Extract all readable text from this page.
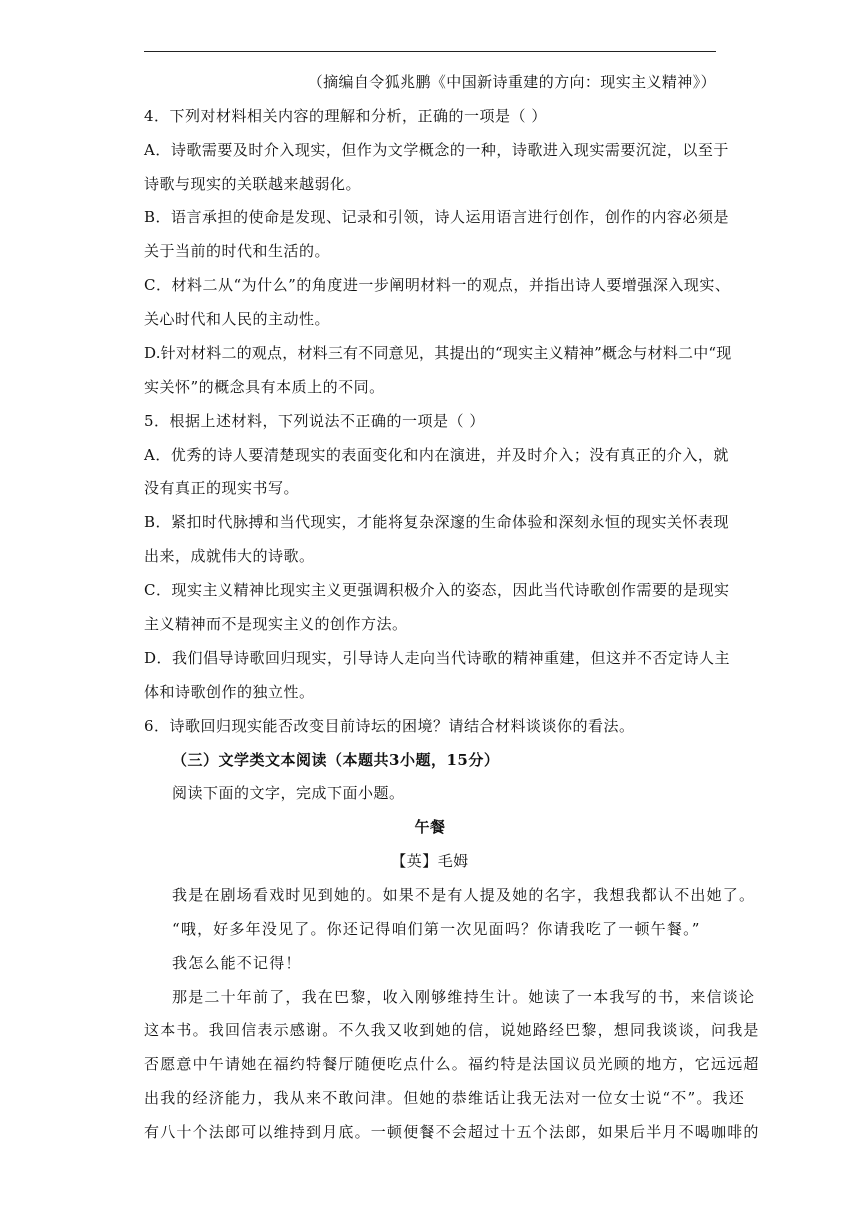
（摘编自令狐兆鹏《中国新诗重建的方向：现实主义精神》）
4．下列对材料相关内容的理解和分析，正确的一项是（ ）
A．诗歌需要及时介入现实，但作为文学概念的一种，诗歌进入现实需要沉淀，以至于
诗歌与现实的关联越来越弱化。
B．语言承担的使命是发现、记录和引领，诗人运用语言进行创作，创作的内容必须是
关于当前的时代和生活的。
C．材料二从“为什么”的角度进一步阐明材料一的观点，并指出诗人要增强深入现实、
关心时代和人民的主动性。
D.针对材料二的观点，材料三有不同意见，其提出的“现实主义精神”概念与材料二中“现
实关怀”的概念具有本质上的不同。
5．根据上述材料，下列说法不正确的一项是（ ）
A．优秀的诗人要清楚现实的表面变化和内在演进，并及时介入；没有真正的介入，就
没有真正的现实书写。
B．紧扣时代脉搏和当代现实，才能将复杂深邃的生命体验和深刻永恒的现实关怀表现
出来，成就伟大的诗歌。
C．现实主义精神比现实主义更强调积极介入的姿态，因此当代诗歌创作需要的是现实
主义精神而不是现实主义的创作方法。
D．我们倡导诗歌回归现实，引导诗人走向当代诗歌的精神重建，但这并不否定诗人主
体和诗歌创作的独立性。
6．诗歌回归现实能否改变目前诗坛的困境？请结合材料谈谈你的看法。
（三）文学类文本阅读（本题共3小题，15分）
阅读下面的文字，完成下面小题。
午餐
【英】毛姆
我是在剧场看戏时见到她的。如果不是有人提及她的名字，我想我都认不出她了。
“哦，好多年没见了。你还记得咱们第一次见面吗？你请我吃了一顿午餐。”
我怎么能不记得！
那是二十年前了，我在巴黎，收入刚够维持生计。她读了一本我写的书，来信谈论
这本书。我回信表示感谢。不久我又收到她的信，说她路经巴黎，想同我谈谈，问我是
否愿意中午请她在福约特餐厅随便吃点什么。福约特是法国议员光顾的地方，它远远超
出我的经济能力，我从来不敢问津。但她的恭维话让我无法对一位女士说“不”。我还
有八十个法郎可以维持到月底。一顿便餐不会超过十五个法郎，如果后半月不喝咖啡的
